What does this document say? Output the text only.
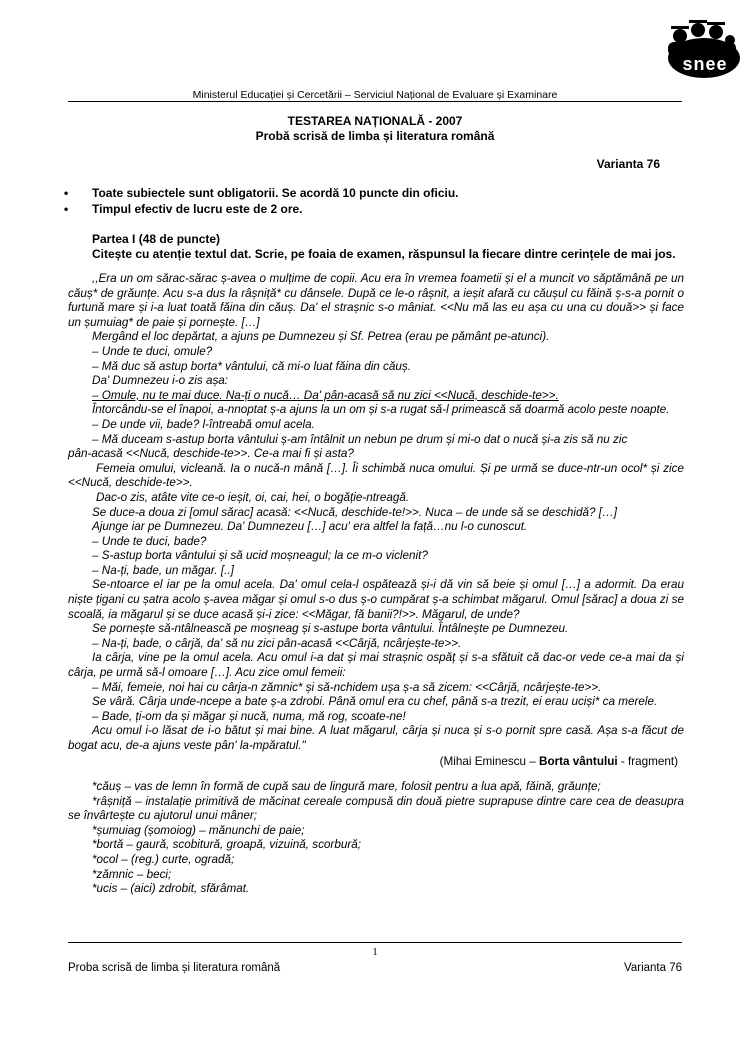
snee
Ministerul Educației și Cercetării – Serviciul Național de Evaluare și Examinare
TESTAREA NAȚIONALĂ - 2007
Probă scrisă de limba și literatura română
Varianta 76
•	Toate subiectele sunt obligatorii. Se acordă 10 puncte din oficiu.
•	Timpul efectiv de lucru este de 2 ore.
Partea I (48 de puncte)
Citește cu atenție textul dat. Scrie, pe foaia de examen, răspunsul la fiecare dintre cerințele de mai jos.

,,Era un om sărac-sărac ș-avea o mulțime de copii. Acu era în vremea foametii și el a muncit vo săptămână pe un căuș* de grăunțe. Acu s-a dus la râșniță* cu dânsele. După ce le-o râșnit, a ieșit afară cu căușul cu făină ș-s-a pornit o furtună mare și i-a luat toată făina din căuș. Da' el strașnic s-o mâniat. <<Nu mă las eu așa cu una cu două>> și face un șumuiag* de paie și pornește. […]

Mergând el loc depărtat, a ajuns pe Dumnezeu și Sf. Petrea (erau pe pământ pe-atunci).

– Unde te duci, omule?

– Mă duc să astup borta* vântului, că mi-o luat făina din căuș.

Da' Dumnezeu i-o zis așa:

– Omule, nu te mai duce. Na-ți o nucă… Da' pân-acasă să nu zici <<Nucă, deschide-te>>.

Întorcându-se el înapoi, a-nnoptat ș-a ajuns la un om și s-a rugat să-l primească să doarmă acolo peste noapte.

– De unde vii, bade? l-întreabă omul acela.

– Mă duceam s-astup borta vântului ș-am întâlnit un nebun pe drum și mi-o dat o nucă și-a zis să nu zic

pân-acasă <<Nucă, deschide-te>>. Ce-a mai fi și asta?

Femeia omului, vicleană. Ia o nucă-n mână […]. Îi schimbă nuca omului. Și pe urmă se duce-ntr-un ocol* și zice <<Nucă, deschide-te>>.

Dac-o zis, atâte vite ce-o ieșit, oi, cai, hei, o bogăție-ntreagă.

Se duce-a doua zi [omul sărac] acasă: <<Nucă, deschide-te!>>. Nuca – de unde să se deschidă? […]

Ajunge iar pe Dumnezeu. Da' Dumnezeu […] acu' era altfel la față…nu l-o cunoscut.

– Unde te duci, bade?

– S-astup borta vântului și să ucid moșneagul; la ce m-o viclenit?

– Na-ți, bade, un măgar. [..]

Se-ntoarce el iar pe la omul acela. Da' omul cela-l ospătează și-i dă vin să beie și omul […] a adormit. Da erau niște țigani cu șatra acolo ș-avea măgar și omul s-o dus ș-o cumpărat ș-a schimbat măgarul. Omul [sărac] a doua zi se scoală, ia măgarul și se duce acasă și-i zice: <<Măgar, fă banii?!>>. Măgarul, de unde?

Se pornește să-ntâlnească pe moșneag și s-astupe borta vântului. Întâlnește pe Dumnezeu.

– Na-ți, bade, o cârjă, da' să nu zici pân-acasă <<Cârjă, ncârjește-te>>.

Ia cârja, vine pe la omul acela. Acu omul i-a dat și mai strașnic ospăț și s-a sfătuit că dac-or vede ce-a mai da și cârja, pe urmă să-l omoare […]. Acu zice omul femeii:

– Măi, femeie, noi hai cu cârja-n zămnic* și să-nchidem ușa ș-a să zicem: <<Cârjă, ncârjește-te>>.

Se vâră. Cârja unde-ncepe a bate ș-a zdrobi. Până omul era cu chef, până s-a trezit, ei erau uciși* ca merele.

– Bade, ți-om da și măgar și nucă, numa, mă rog, scoate-ne!

Acu omul i-o lăsat de i-o bătut și mai bine. A luat măgarul, cârja și nuca și s-o pornit spre casă. Așa s-a făcut de bogat acu, de-a ajuns veste pân' la-mpăratul."

(Mihai Eminescu – Borta vântului - fragment)

*căuș – vas de lemn în formă de cupă sau de lingură mare, folosit pentru a lua apă, făină, grăunțe;

*râșniță – instalație primitivă de măcinat cereale compusă din două pietre suprapuse dintre care cea de deasupra se învârtește cu ajutorul unui mâner;

*șumuiag (șomoiog) – mănunchi de paie;

*bortă – gaură, scobitură, groapă, vizuină, scorbură;

*ocol – (reg.) curte, ogradă;

*zămnic – beci;

*ucis – (aici) zdrobit, sfărâmat.

1
Proba scrisă de limba și literatura română	Varianta 76
